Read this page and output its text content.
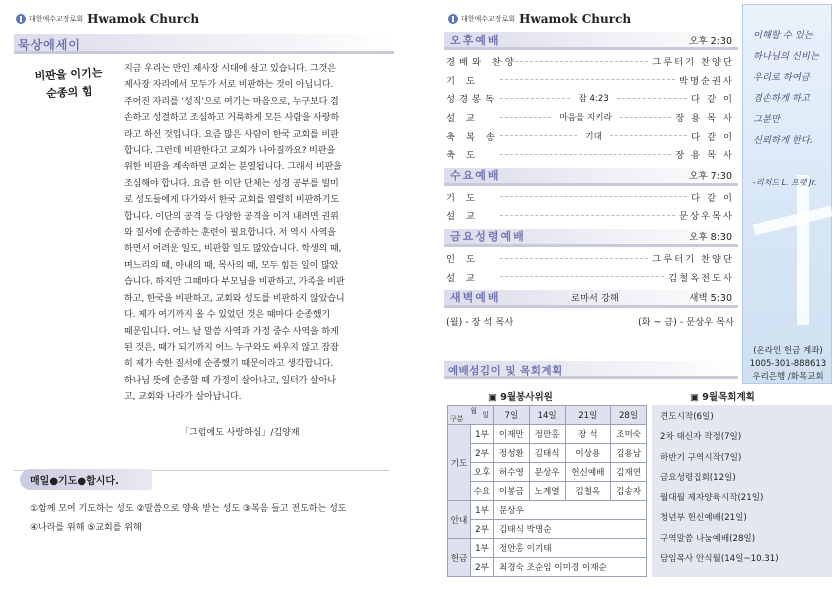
대한예수교장로회 Hwamok Church
묵상에세이
비판을 이기는
순종의 힘
지금 우리는 만인 제사장 시대에 살고 있습니다. 그것은
제사장 자리에서 모두가 서로 비판하는 것이 아닙니다.
주어진 자리를 ‘성직’으로 여기는 마음으로, 누구보다 겸
손하고 성결하고 조심하고 거룩하게 모든 사람을 사랑하
라고 하신 것입니다. 요즘 많은 사람이 한국 교회를 비판
합니다. 그런데 비판한다고 교회가 나아질까요? 비판을
위한 비판을 계속하면 교회는 분열됩니다. 그래서 비판을
조심해야 합니다. 요즘 한 이단 단체는 성경 공부를 빌미
로 성도들에게 다가와서 한국 교회를 열렬히 비판하기도
합니다. 이단의 공격 등 다양한 공격을 이겨 내려면 권위
와 질서에 순종하는 훈련이 필요합니다. 저 역시 사역을
하면서 어려운 일도, 비판할 일도 많았습니다. 학생의 때,
며느리의 때, 아내의 때, 목사의 때, 모두 힘든 일이 많았
습니다. 하지만 그때마다 부모님을 비판하고, 가족을 비판
하고, 한국을 비판하고, 교회와 성도를 비판하지 않았습니
다. 제가 여기까지 올 수 있었던 것은 때마다 순종했기
때문입니다. 어느 날 말씀 사역과 가정 중수 사역을 하게
된 것은, 때가 되기까지 어느 누구와도 싸우지 않고 잠잠
히 제가 속한 질서에 순종했기 때문이라고 생각합니다.
하나님 뜻에 순종할 때 가정이 살아나고, 일터가 살아나
고, 교회와 나라가 살아납니다.
「그럼에도 사랑하심」/김양재
매일●기도●합시다.
①함께 모여 기도하는 성도 ②말씀으로 양육 받는 성도 ③복음 들고 전도하는 성도
④나라를 위해 ⑤교회를 위해
대한예수교장로회 Hwamok Church
오후예배	오후 2:30
경배와 찬양	그루터기 찬양단
기 도	박명순권사
성경봉독	잠 4:23	다 같 이
설 교	마음을 지키라	장 용 목 사
축 복 송	기대	다 같 이
축 도	장 용 목 사
수요예배	오후 7:30
기 도	다 같 이
설 교	문상우목사
금요성령예배	오후 8:30
인 도	그루터기 찬양단
설 교	김철옥전도사
새벽예배	로마서 강해	새벽 5:30
(월) - 장 석 목사	(화 ~ 금) - 문상우 목사
이해할 수 있는
하나님의 신비는
우리로 하여금
겸손하게 하고
그분만
신뢰하게 한다.
-리처드 L. 프랫 Jr.
(온라인 헌금 계좌)
1005-301-888613
우리은행 /화목교회
예배섬김이 및 목회계획
▣ 9월봉사위원	▣ 9월목회계획
월 일
구분		7일	14일	21일	28일
기도	1부	이재만	정만홍	장 석	조미숙
	2부	정성환	김태식	이상용	김용남
	오후	허수영	문상우	헌신예배	김재연
	수요	이봉금	노계열	김철옥	김송자
안내	1부	문상우			
	2부	김태식 박명순			
헌금	1부	정안홍 이기태			
	2부	최경숙 조순임 이미경 이재순			
견도시작(6일)
2차 태신자 작정(7일)
하반기 구역시작(7일)
금요성령집회(12일)
월대월 제자양육시작(21일)
청년부 헌신예배(21일)
구역말씀 나눔예배(28일)
담임목사 안식월(14일~10.31)
